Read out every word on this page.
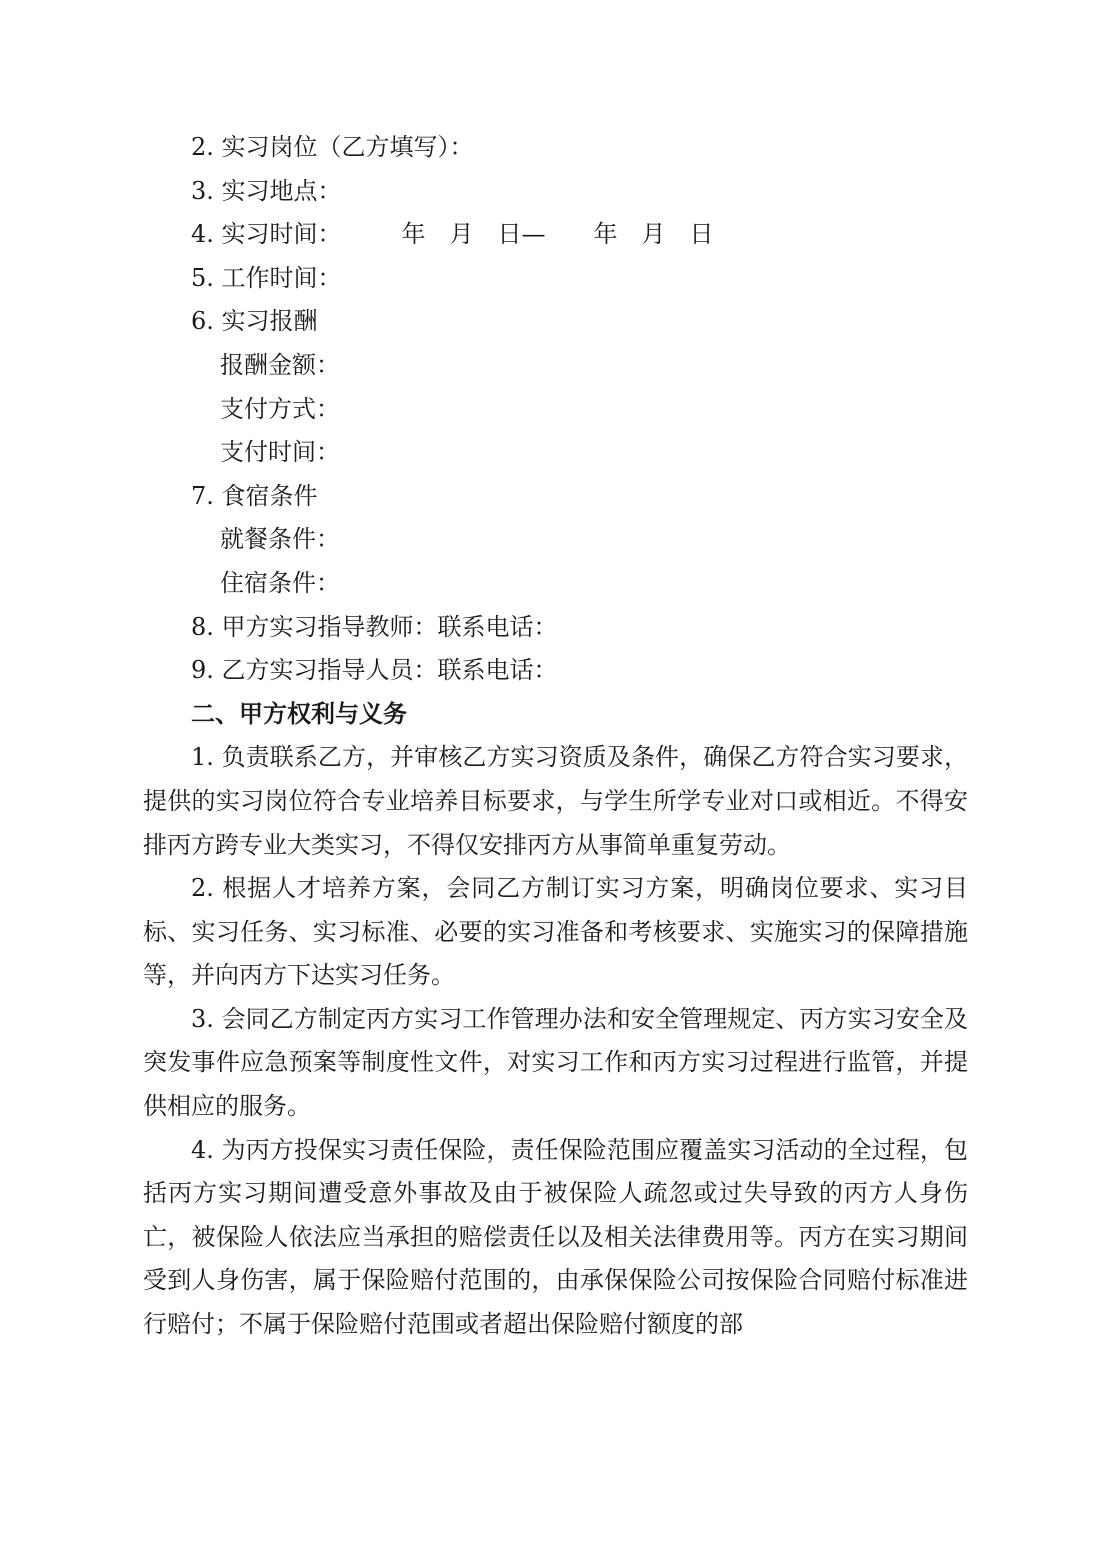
2. 实习岗位（乙方填写）：
3. 实习地点：
4. 实习时间：	年 月 日— 年 月 日
5. 工作时间：
6. 实习报酬
报酬金额：
支付方式：
支付时间：
7. 食宿条件
就餐条件：
住宿条件：
8. 甲方实习指导教师：联系电话：
9. 乙方实习指导人员：联系电话：
二、甲方权利与义务

1. 负责联系乙方，并审核乙方实习资质及条件，确保乙方符合实习要求，提供的实习岗位符合专业培养目标要求，与学生所学专业对口或相近。不得安排丙方跨专业大类实习，不得仅安排丙方从事简单重复劳动。

2. 根据人才培养方案，会同乙方制订实习方案，明确岗位要求、实习目标、实习任务、实习标准、必要的实习准备和考核要求、实施实习的保障措施等，并向丙方下达实习任务。

3. 会同乙方制定丙方实习工作管理办法和安全管理规定、丙方实习安全及突发事件应急预案等制度性文件，对实习工作和丙方实习过程进行监管，并提供相应的服务。

4. 为丙方投保实习责任保险，责任保险范围应覆盖实习活动的全过程，包括丙方实习期间遭受意外事故及由于被保险人疏忽或过失导致的丙方人身伤亡，被保险人依法应当承担的赔偿责任以及相关法律费用等。丙方在实习期间受到人身伤害，属于保险赔付范围的，由承保保险公司按保险合同赔付标准进行赔付；不属于保险赔付范围或者超出保险赔付额度的部
